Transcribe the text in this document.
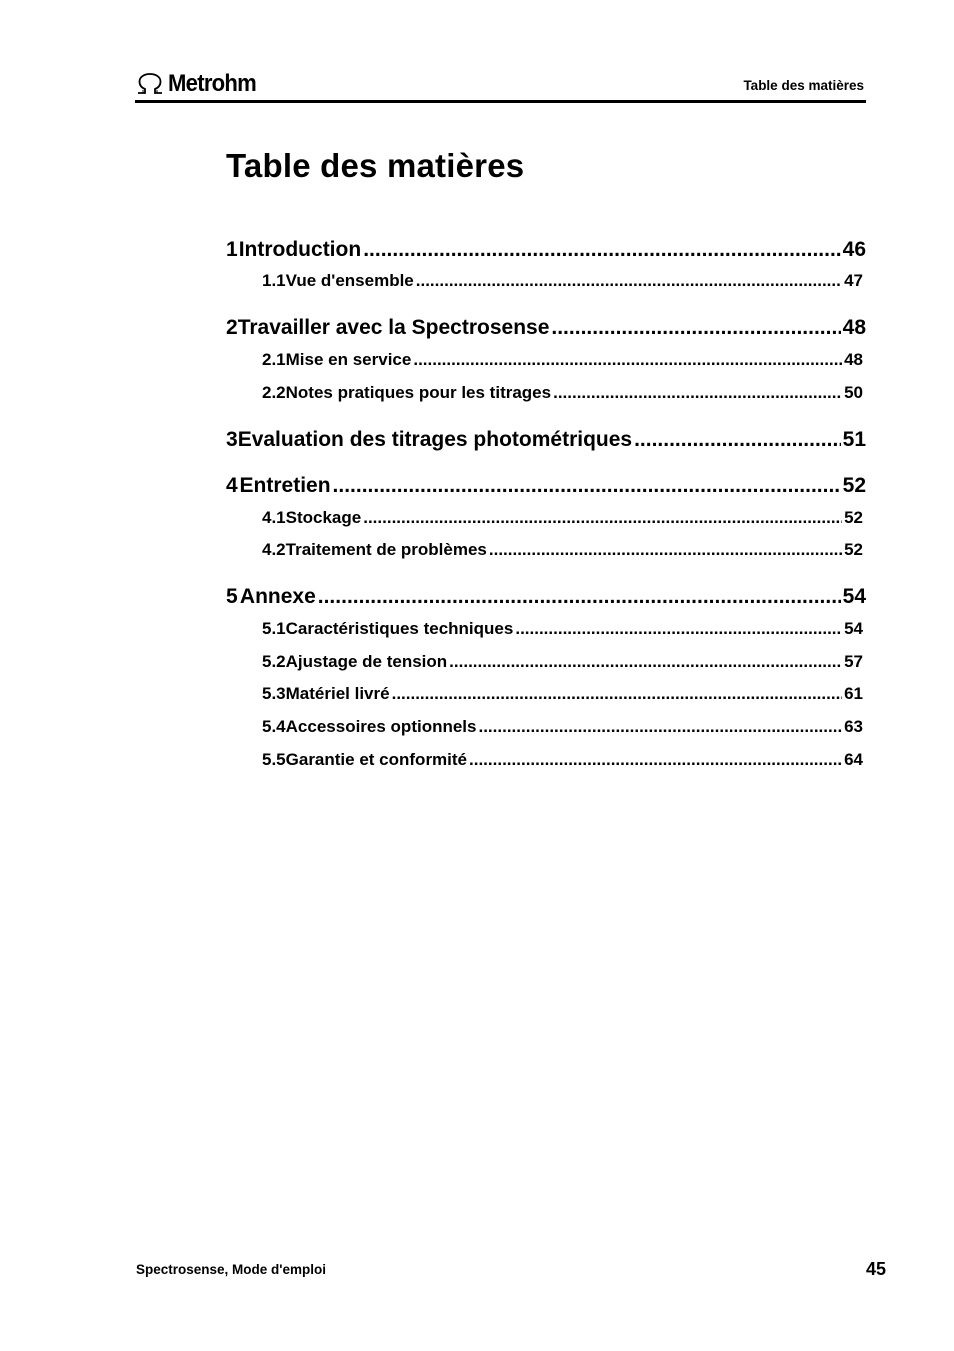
Metrohm	Table des matières
Table des matières
1 Introduction .....	46
1.1 Vue d'ensemble .....	47
2 Travailler avec la Spectrosense .....	48
2.1 Mise en service .....	48
2.2 Notes pratiques pour les titrages .....	50
3 Evaluation des titrages photométriques .....	51
4 Entretien .....	52
4.1 Stockage .....	52
4.2 Traitement de problèmes .....	52
5 Annexe .....	54
5.1 Caractéristiques techniques .....	54
5.2 Ajustage de tension .....	57
5.3 Matériel livré .....	61
5.4 Accessoires optionnels .....	63
5.5 Garantie et conformité .....	64
Spectrosense, Mode d'emploi	45
